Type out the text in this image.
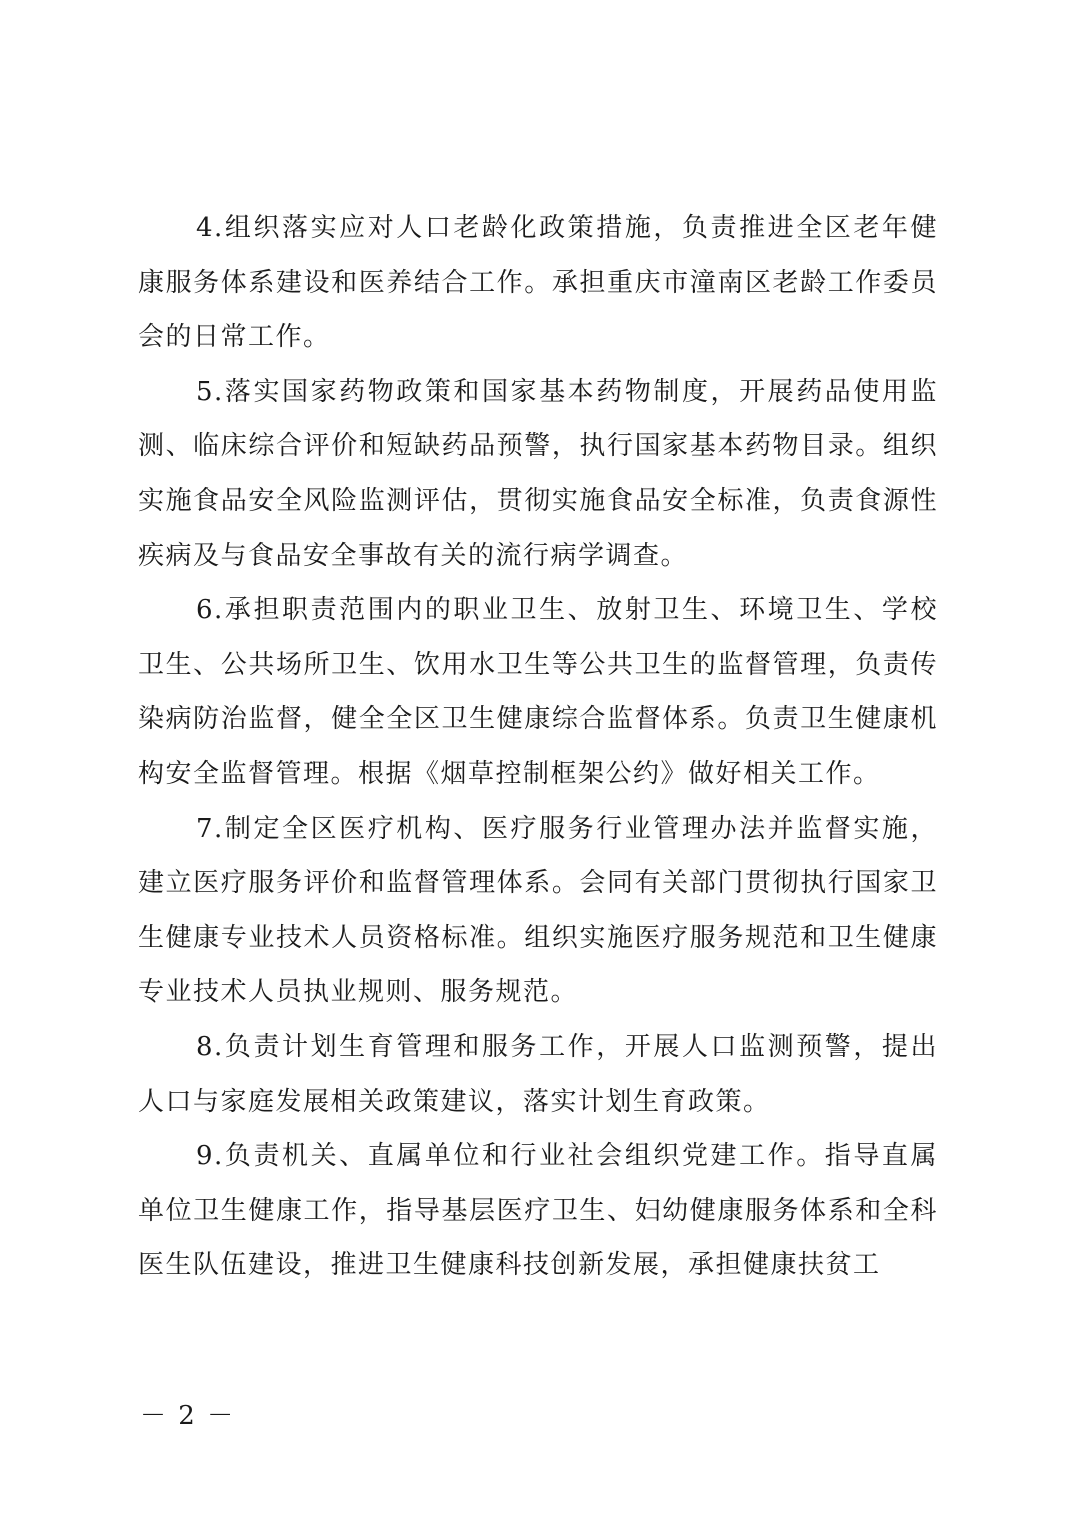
4.组织落实应对人口老龄化政策措施，负责推进全区老年健康服务体系建设和医养结合工作。承担重庆市潼南区老龄工作委员会的日常工作。

5.落实国家药物政策和国家基本药物制度，开展药品使用监测、临床综合评价和短缺药品预警，执行国家基本药物目录。组织实施食品安全风险监测评估，贯彻实施食品安全标准，负责食源性疾病及与食品安全事故有关的流行病学调查。

6.承担职责范围内的职业卫生、放射卫生、环境卫生、学校卫生、公共场所卫生、饮用水卫生等公共卫生的监督管理，负责传染病防治监督，健全全区卫生健康综合监督体系。负责卫生健康机构安全监督管理。根据《烟草控制框架公约》做好相关工作。

7.制定全区医疗机构、医疗服务行业管理办法并监督实施，建立医疗服务评价和监督管理体系。会同有关部门贯彻执行国家卫生健康专业技术人员资格标准。组织实施医疗服务规范和卫生健康专业技术人员执业规则、服务规范。

8.负责计划生育管理和服务工作，开展人口监测预警，提出人口与家庭发展相关政策建议，落实计划生育政策。

9.负责机关、直属单位和行业社会组织党建工作。指导直属单位卫生健康工作，指导基层医疗卫生、妇幼健康服务体系和全科医生队伍建设，推进卫生健康科技创新发展，承担健康扶贫工

－ 2 －
